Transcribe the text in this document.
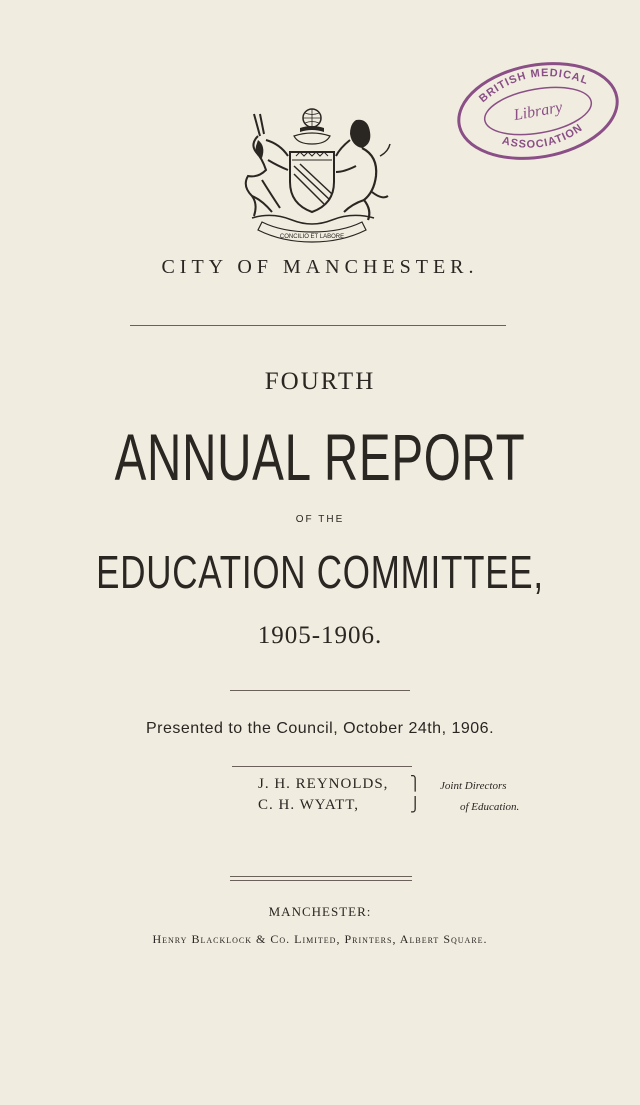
CONCILIO ET LABORE
BRITISH MEDICAL
Library
ASSOCIATION
CITY OF MANCHESTER.
FOURTH
ANNUAL REPORT
OF THE
EDUCATION COMMITTEE,
1905-1906.
Presented to the Council, October 24th, 1906.
J. H. REYNOLDS,
C. H. WYATT,
⎫
⎭
Joint Directors
of Education.
MANCHESTER:
Henry Blacklock & Co. Limited, Printers, Albert Square.
